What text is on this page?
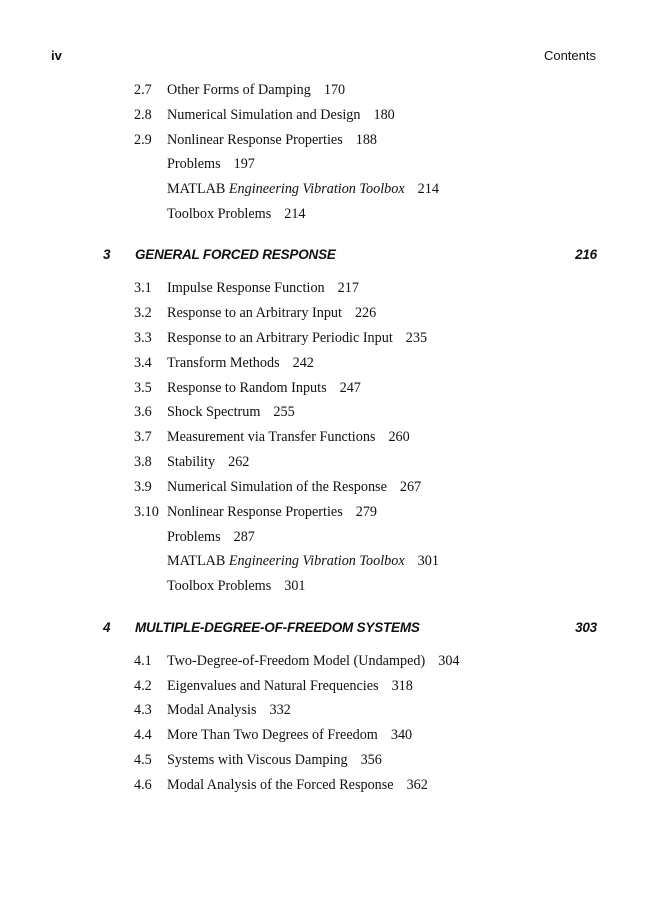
iv	Contents
2.7 Other Forms of Damping 170
2.8 Numerical Simulation and Design 180
2.9 Nonlinear Response Properties 188
Problems 197
MATLAB Engineering Vibration Toolbox 214
Toolbox Problems 214
3 GENERAL FORCED RESPONSE	216
3.1 Impulse Response Function 217
3.2 Response to an Arbitrary Input 226
3.3 Response to an Arbitrary Periodic Input 235
3.4 Transform Methods 242
3.5 Response to Random Inputs 247
3.6 Shock Spectrum 255
3.7 Measurement via Transfer Functions 260
3.8 Stability 262
3.9 Numerical Simulation of the Response 267
3.10 Nonlinear Response Properties 279
Problems 287
MATLAB Engineering Vibration Toolbox 301
Toolbox Problems 301
4 MULTIPLE-DEGREE-OF-FREEDOM SYSTEMS	303
4.1 Two-Degree-of-Freedom Model (Undamped) 304
4.2 Eigenvalues and Natural Frequencies 318
4.3 Modal Analysis 332
4.4 More Than Two Degrees of Freedom 340
4.5 Systems with Viscous Damping 356
4.6 Modal Analysis of the Forced Response 362
